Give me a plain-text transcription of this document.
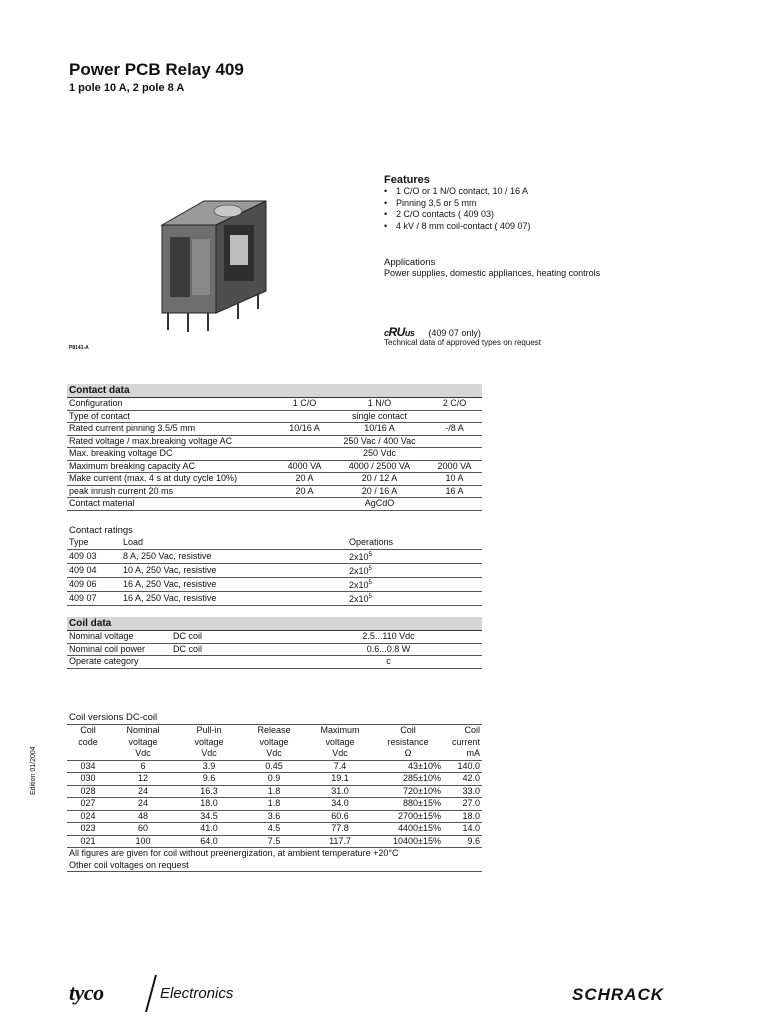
Power PCB Relay 409
1 pole 10 A, 2 pole 8 A
P8141-A
Features
• 1 C/O or 1 N/O contact, 10 / 16 A
• Pinning 3,5 or 5 mm
• 2 C/O contacts ( 409 03)
• 4 kV / 8 mm coil-contact ( 409 07)
Applications
Power supplies, domestic appliances, heating controls
cRUus (409 07 only)
Technical data of approved types on request
Contact data			
Configuration	1 C/O	1 N/O	2 C/O
Type of contact	single contact		
Rated current pinning 3.5/5 mm	10/16 A	10/16 A	-/8 A
Rated voltage / max.breaking voltage AC	250 Vac / 400 Vac		
Max. breaking voltage DC	250 Vdc		
Maximum breaking capacity AC	4000 VA	4000 / 2500 VA	2000 VA
Make current (max. 4 s at duty cycle 10%)	20 A	20 / 12 A	10 A
peak inrush current 20 ms	20 A	20 / 16 A	16 A
Contact material	AgCdO		
Contact ratings
Type	Load	Operations
409 03	8 A, 250 Vac, resistive	$2x10^5$
409 04	10 A, 250 Vac, resistive	$2x10^5$
409 06	16 A, 250 Vac, resistive	$2x10^5$
409 07	16 A, 250 Vac, resistive	$2x10^5$
Coil data		
Nominal voltage	DC coil	2.5...110 Vdc
Nominal coil power	DC coil	0.6...0.8 W
Operate category		c
Coil versions DC-coil
Coil	Nominal	Pull-in	Release	Maximum	Coil	Coil
code	voltage	voltage	voltage	voltage	resistance	current
	Vdc	Vdc	Vdc	Vdc	Ω	mA
034	6	3.9	0.45	7.4	43±10%	140.0
030	12	9.6	0.9	19.1	285±10%	42.0
028	24	16.3	1.8	31.0	720±10%	33.0
027	24	18.0	1.8	34.0	880±15%	27.0
024	48	34.5	3.6	60.6	2700±15%	18.0
023	60	41.0	4.5	77.8	4400±15%	14.0
021	100	64.0	7.5	117.7	10400±15%	9.6
All figures are given for coil without preenergization, at ambient temperature +20°C						
Other coil voltages on request						
Edition 01/2004
tyco	Electronics	SCHRACK
